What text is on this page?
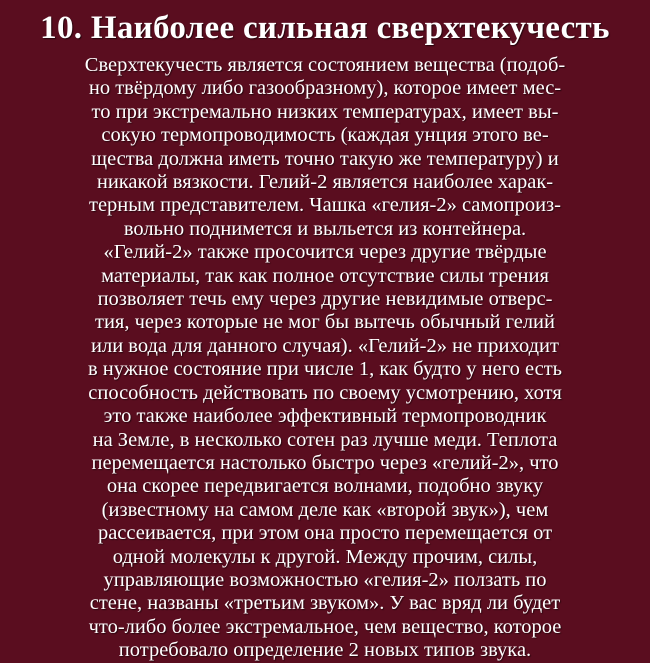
10. Наиболее сильная сверхтекучесть

Сверхтекучесть является состоянием вещества (подоб-
но твёрдому либо газообразному), которое имеет мес-
то при экстремально низких температурах, имеет вы-
сокую термопроводимость (каждая унция этого ве-
щества должна иметь точно такую же температуру) и
никакой вязкости. Гелий-2 является наиболее харак-
терным представителем. Чашка «гелия-2» самопроиз-
вольно поднимется и выльется из контейнера.
«Гелий-2» также просочится через другие твёрдые
материалы, так как полное отсутствие силы трения
позволяет течь ему через другие невидимые отверс-
тия, через которые не мог бы вытечь обычный гелий
или вода для данного случая). «Гелий-2» не приходит
в нужное состояние при числе 1, как будто у него есть
способность действовать по своему усмотрению, хотя
это также наиболее эффективный термопроводник
на Земле, в несколько сотен раз лучше меди. Теплота
перемещается настолько быстро через «гелий-2», что
она скорее передвигается волнами, подобно звуку
(известному на самом деле как «второй звук»), чем
рассеивается, при этом она просто перемещается от
одной молекулы к другой. Между прочим, силы,
управляющие возможностью «гелия-2» ползать по
стене, названы «третьим звуком». У вас вряд ли будет
что-либо более экстремальное, чем вещество, которое
потребовало определение 2 новых типов звука.
